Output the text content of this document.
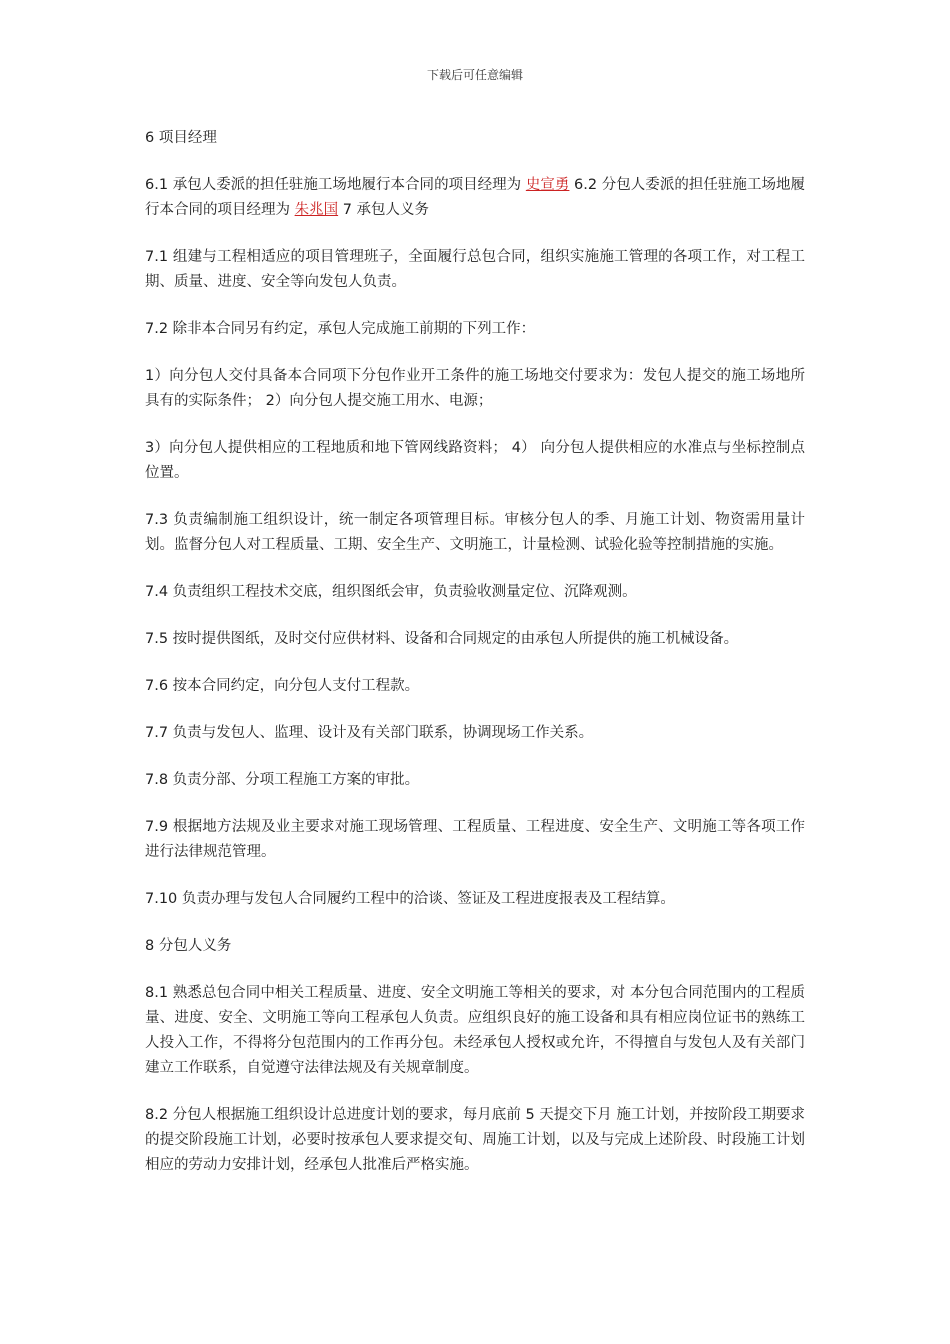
下载后可任意编辑

6 项目经理

6.1 承包人委派的担任驻施工场地履行本合同的项目经理为 史宣勇 6.2 分包人委派的担任驻施工场地履行本合同的项目经理为 朱兆国 7 承包人义务

7.1 组建与工程相适应的项目管理班子，全面履行总包合同，组织实施施工管理的各项工作，对工程工期、质量、进度、安全等向发包人负责。

7.2 除非本合同另有约定，承包人完成施工前期的下列工作：

1）向分包人交付具备本合同项下分包作业开工条件的施工场地交付要求为：发包人提交的施工场地所具有的实际条件； 2）向分包人提交施工用水、电源；

3）向分包人提供相应的工程地质和地下管网线路资料； 4） 向分包人提供相应的水准点与坐标控制点位置。

7.3 负责编制施工组织设计，统一制定各项管理目标。审核分包人的季、月施工计划、物资需用量计划。监督分包人对工程质量、工期、安全生产、文明施工，计量检测、试验化验等控制措施的实施。

7.4 负责组织工程技术交底，组织图纸会审，负责验收测量定位、沉降观测。

7.5 按时提供图纸，及时交付应供材料、设备和合同规定的由承包人所提供的施工机械设备。

7.6 按本合同约定，向分包人支付工程款。

7.7 负责与发包人、监理、设计及有关部门联系，协调现场工作关系。

7.8 负责分部、分项工程施工方案的审批。

7.9 根据地方法规及业主要求对施工现场管理、工程质量、工程进度、安全生产、文明施工等各项工作进行法律规范管理。

7.10 负责办理与发包人合同履约工程中的洽谈、签证及工程进度报表及工程结算。

8 分包人义务

8.1 熟悉总包合同中相关工程质量、进度、安全文明施工等相关的要求，对 本分包合同范围内的工程质量、进度、安全、文明施工等向工程承包人负责。应组织良好的施工设备和具有相应岗位证书的熟练工人投入工作，不得将分包范围内的工作再分包。未经承包人授权或允许，不得擅自与发包人及有关部门建立工作联系，自觉遵守法律法规及有关规章制度。

8.2 分包人根据施工组织设计总进度计划的要求，每月底前 5 天提交下月 施工计划，并按阶段工期要求的提交阶段施工计划，必要时按承包人要求提交旬、周施工计划，以及与完成上述阶段、时段施工计划相应的劳动力安排计划，经承包人批准后严格实施。
